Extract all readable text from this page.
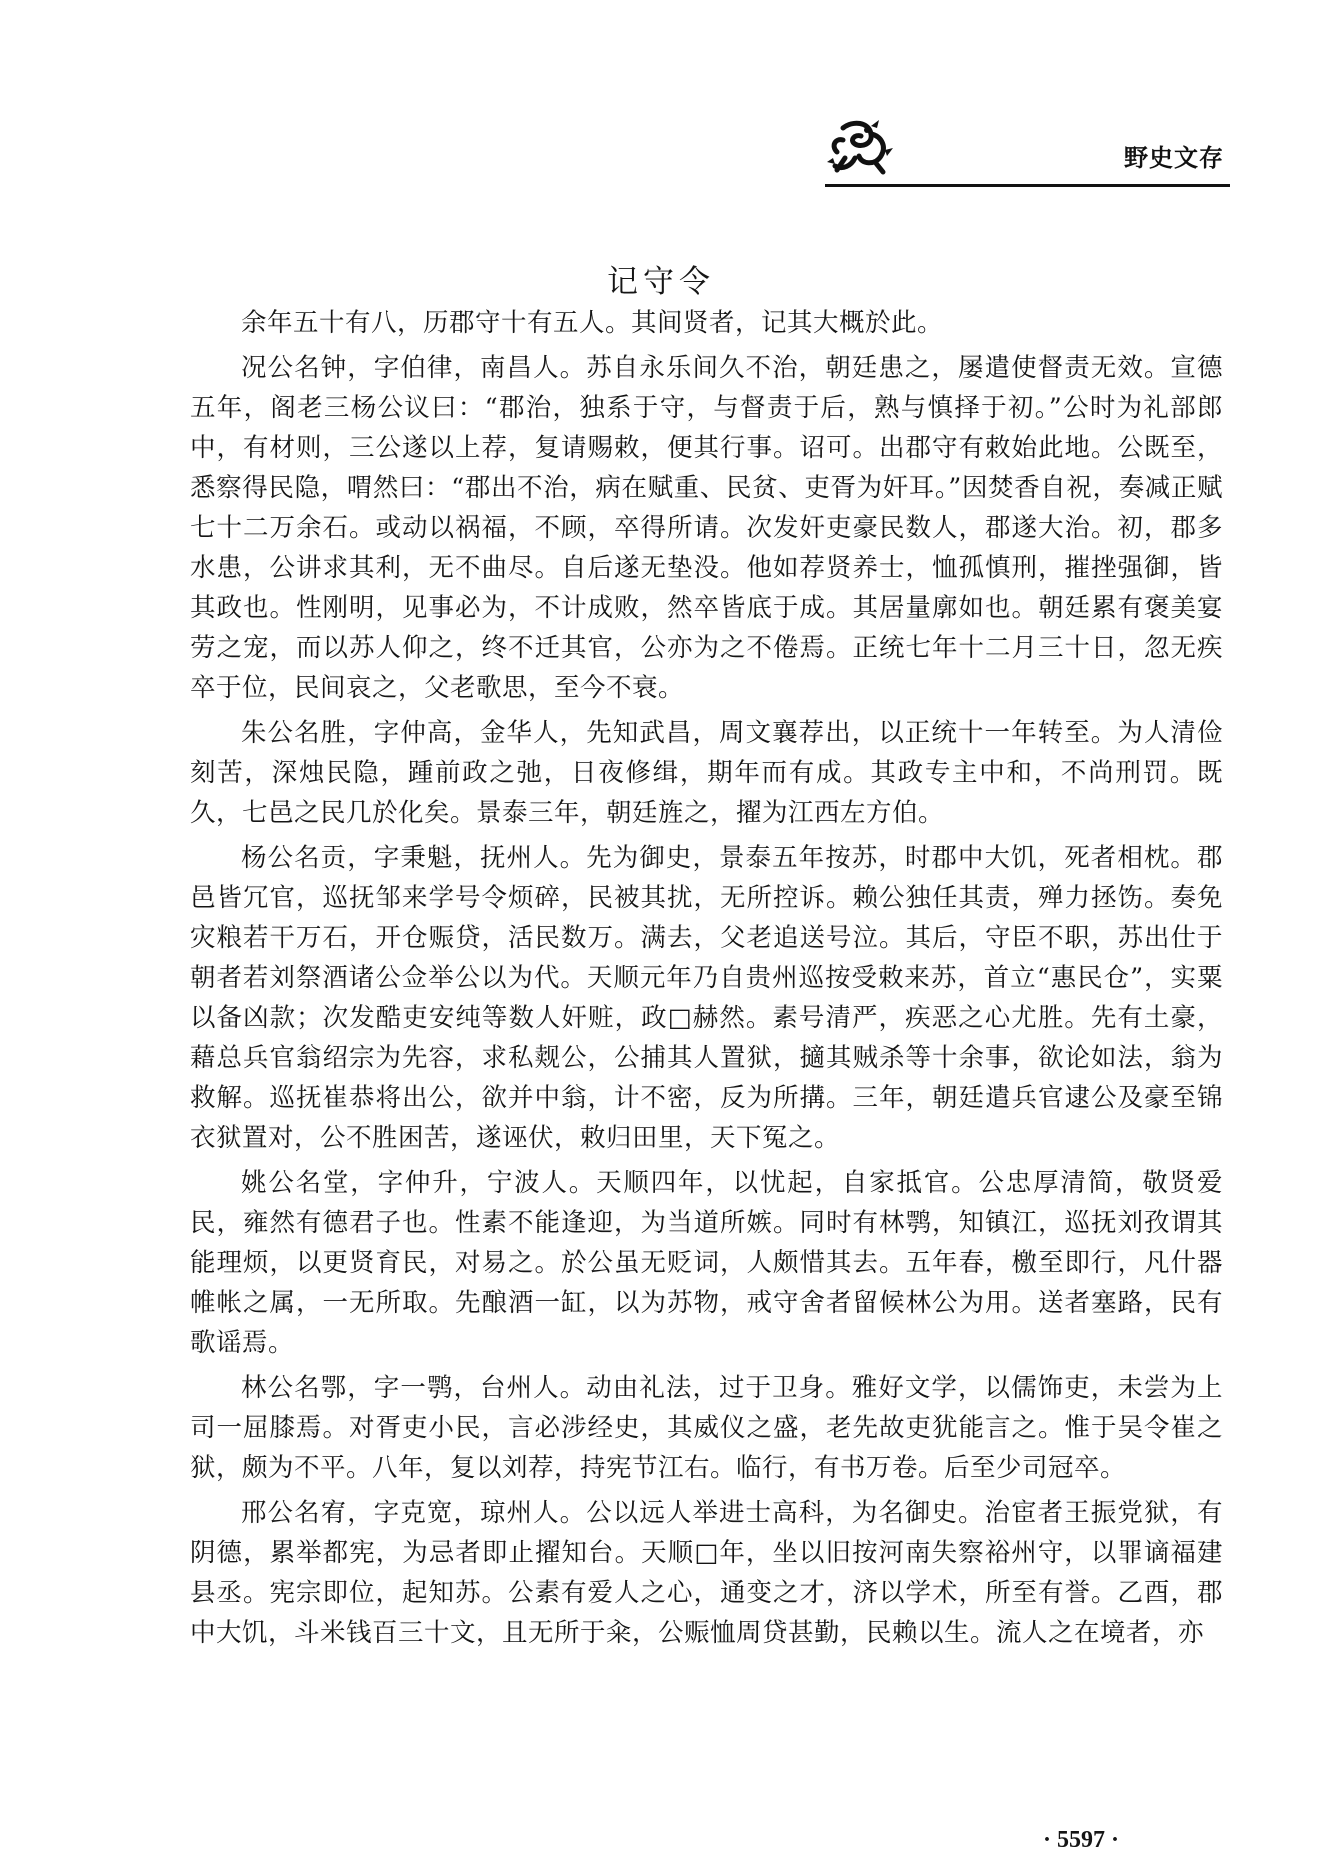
野史文存
记守令

余年五十有八，历郡守十有五人。其间贤者，记其大概於此。

况公名钟，字伯律，南昌人。苏自永乐间久不治，朝廷患之，屡遣使督责无效。宣德五年，阁老三杨公议曰：“郡治，独系于守，与督责于后，熟与慎择于初。”公时为礼部郎中，有材则，三公遂以上荐，复请赐敕，便其行事。诏可。出郡守有敕始此地。公既至，悉察得民隐，喟然曰：“郡出不治，病在赋重、民贫、吏胥为奸耳。”因焚香自祝，奏减正赋七十二万余石。或动以祸福，不顾，卒得所请。次发奸吏豪民数人，郡遂大治。初，郡多水患，公讲求其利，无不曲尽。自后遂无垫没。他如荐贤养士，恤孤慎刑，摧挫强御，皆其政也。性刚明，见事必为，不计成败，然卒皆底于成。其居量廓如也。朝廷累有褒美宴劳之宠，而以苏人仰之，终不迁其官，公亦为之不倦焉。正统七年十二月三十日，忽无疾卒于位，民间哀之，父老歌思，至今不衰。

朱公名胜，字仲高，金华人，先知武昌，周文襄荐出，以正统十一年转至。为人清俭刻苦，深烛民隐，踵前政之弛，日夜修缉，期年而有成。其政专主中和，不尚刑罚。既久，七邑之民几於化矣。景泰三年，朝廷旌之，擢为江西左方伯。

杨公名贡，字秉魁，抚州人。先为御史，景泰五年按苏，时郡中大饥，死者相枕。郡邑皆冗官，巡抚邹来学号令烦碎，民被其扰，无所控诉。赖公独任其责，殚力拯饬。奏免灾粮若干万石，开仓赈贷，活民数万。满去，父老追送号泣。其后，守臣不职，苏出仕于朝者若刘祭酒诸公佥举公以为代。天顺元年乃自贵州巡按受敕来苏，首立“惠民仓”，实粟以备凶款；次发酷吏安纯等数人奸赃，政□赫然。素号清严，疾恶之心尤胜。先有土豪，藉总兵官翁绍宗为先容，求私觌公，公捕其人置狱，擿其贼杀等十余事，欲论如法，翁为救解。巡抚崔恭将出公，欲并中翁，计不密，反为所搆。三年，朝廷遣兵官逮公及豪至锦衣狱置对，公不胜困苦，遂诬伏，敕归田里，天下冤之。

姚公名堂，字仲升，宁波人。天顺四年，以忧起，自家抵官。公忠厚清简，敬贤爱民，雍然有德君子也。性素不能逢迎，为当道所嫉。同时有林鹗，知镇江，巡抚刘孜谓其能理烦，以更贤育民，对易之。於公虽无贬词，人颇惜其去。五年春，檄至即行，凡什器帷帐之属，一无所取。先酿酒一缸，以为苏物，戒守舍者留候林公为用。送者塞路，民有歌谣焉。

林公名鄂，字一鹗，台州人。动由礼法，过于卫身。雅好文学，以儒饰吏，未尝为上司一屈膝焉。对胥吏小民，言必涉经史，其威仪之盛，老先故吏犹能言之。惟于吴令崔之狱，颇为不平。八年，复以刘荐，持宪节江右。临行，有书万卷。后至少司冠卒。

邢公名宥，字克宽，琼州人。公以远人举进士高科，为名御史。治宦者王振党狱，有阴德，累举都宪，为忌者即止擢知台。天顺□年，坐以旧按河南失察裕州守，以罪谪福建县丞。宪宗即位，起知苏。公素有爱人之心，通变之才，济以学术，所至有誉。乙酉，郡中大饥，斗米钱百三十文，且无所于籴，公赈恤周贷甚勤，民赖以生。流人之在境者，亦

· 5597 ·
